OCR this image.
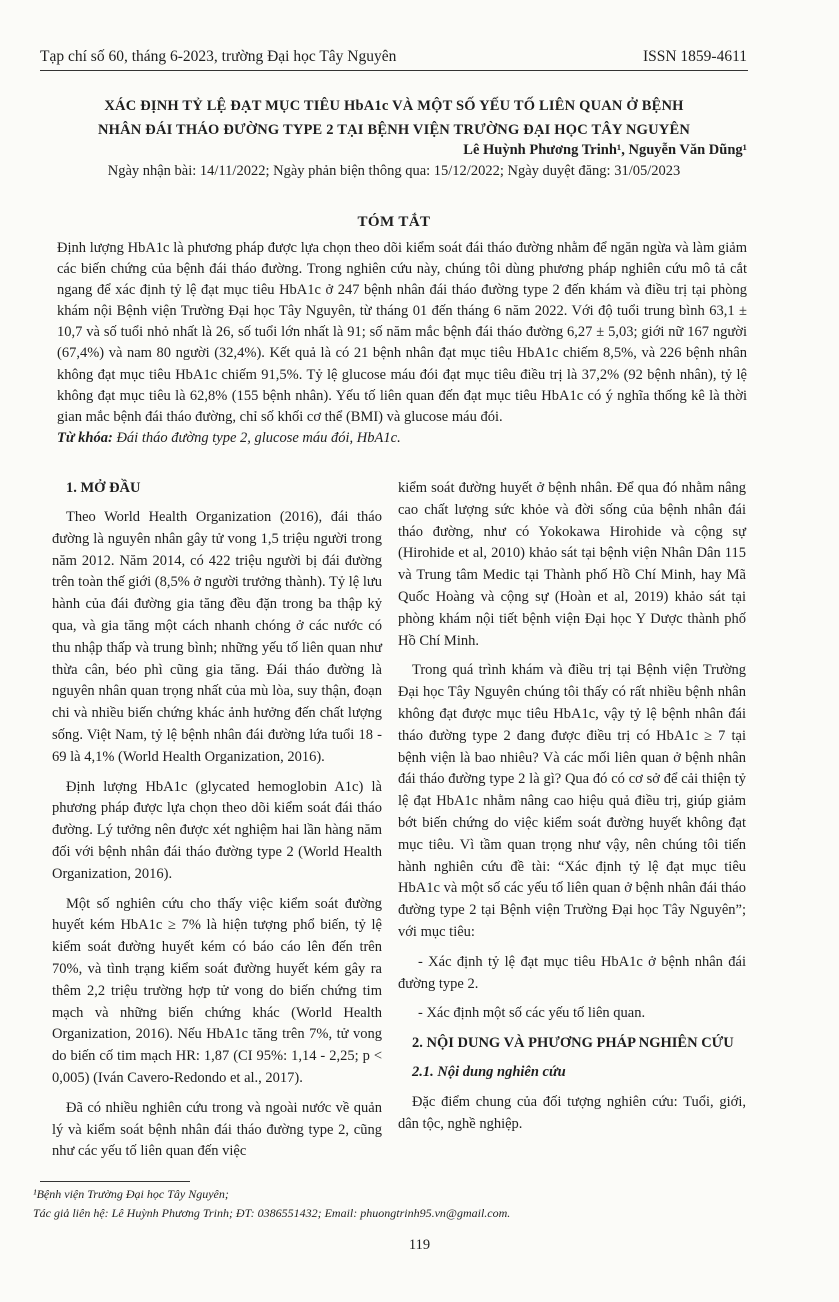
Tạp chí số 60, tháng 6-2023, trường Đại học Tây Nguyên	ISSN 1859-4611
XÁC ĐỊNH TỶ LỆ ĐẠT MỤC TIÊU HbA1c VÀ MỘT SỐ YẾU TỐ LIÊN QUAN Ở BỆNH
NHÂN ĐÁI THÁO ĐƯỜNG TYPE 2 TẠI BỆNH VIỆN TRƯỜNG ĐẠI HỌC TÂY NGUYÊN
Lê Huỳnh Phương Trinh¹, Nguyễn Văn Dũng¹
Ngày nhận bài: 14/11/2022; Ngày phản biện thông qua: 15/12/2022; Ngày duyệt đăng: 31/05/2023
TÓM TẮT

Định lượng HbA1c là phương pháp được lựa chọn theo dõi kiểm soát đái tháo đường nhằm để ngăn ngừa và làm giảm các biến chứng của bệnh đái tháo đường. Trong nghiên cứu này, chúng tôi dùng phương pháp nghiên cứu mô tả cắt ngang để xác định tỷ lệ đạt mục tiêu HbA1c ở 247 bệnh nhân đái tháo đường type 2 đến khám và điều trị tại phòng khám nội Bệnh viện Trường Đại học Tây Nguyên, từ tháng 01 đến tháng 6 năm 2022. Với độ tuổi trung bình 63,1 ± 10,7 và số tuổi nhỏ nhất là 26, số tuổi lớn nhất là 91; số năm mắc bệnh đái tháo đường 6,27 ± 5,03; giới nữ 167 người (67,4%) và nam 80 người (32,4%). Kết quả là có 21 bệnh nhân đạt mục tiêu HbA1c chiếm 8,5%, và 226 bệnh nhân không đạt mục tiêu HbA1c chiếm 91,5%. Tỷ lệ glucose máu đói đạt mục tiêu điều trị là 37,2% (92 bệnh nhân), tỷ lệ không đạt mục tiêu là 62,8% (155 bệnh nhân). Yếu tố liên quan đến đạt mục tiêu HbA1c có ý nghĩa thống kê là thời gian mắc bệnh đái tháo đường, chỉ số khối cơ thể (BMI) và glucose máu đói.

Từ khóa: Đái tháo đường type 2, glucose máu đói, HbA1c.

1. MỞ ĐẦU

Theo World Health Organization (2016), đái tháo đường là nguyên nhân gây tử vong 1,5 triệu người trong năm 2012. Năm 2014, có 422 triệu người bị đái đường trên toàn thế giới (8,5% ở người trưởng thành). Tỷ lệ lưu hành của đái đường gia tăng đều đặn trong ba thập kỷ qua, và gia tăng một cách nhanh chóng ở các nước có thu nhập thấp và trung bình; những yếu tố liên quan như thừa cân, béo phì cũng gia tăng. Đái tháo đường là nguyên nhân quan trọng nhất của mù lòa, suy thận, đoạn chi và nhiều biến chứng khác ảnh hưởng đến chất lượng sống. Việt Nam, tỷ lệ bệnh nhân đái đường lứa tuổi 18 - 69 là 4,1% (World Health Organization, 2016).

Định lượng HbA1c (glycated hemoglobin A1c) là phương pháp được lựa chọn theo dõi kiểm soát đái tháo đường. Lý tưởng nên được xét nghiệm hai lần hàng năm đối với bệnh nhân đái tháo đường type 2 (World Health Organization, 2016).

Một số nghiên cứu cho thấy việc kiểm soát đường huyết kém HbA1c ≥ 7% là hiện tượng phổ biến, tỷ lệ kiểm soát đường huyết kém có báo cáo lên đến trên 70%, và tình trạng kiểm soát đường huyết kém gây ra thêm 2,2 triệu trường hợp tử vong do biến chứng tim mạch và những biến chứng khác (World Health Organization, 2016). Nếu HbA1c tăng trên 7%, tử vong do biến cố tim mạch HR: 1,87 (CI 95%: 1,14 - 2,25; p < 0,005) (Iván Cavero-Redondo et al., 2017).

Đã có nhiều nghiên cứu trong và ngoài nước về quản lý và kiểm soát bệnh nhân đái tháo đường type 2, cũng như các yếu tố liên quan đến việc

kiểm soát đường huyết ở bệnh nhân. Để qua đó nhằm nâng cao chất lượng sức khỏe và đời sống của bệnh nhân đái tháo đường, như có Yokokawa Hirohide và cộng sự (Hirohide et al, 2010) khảo sát tại bệnh viện Nhân Dân 115 và Trung tâm Medic tại Thành phố Hồ Chí Minh, hay Mã Quốc Hoàng và cộng sự (Hoàn et al, 2019) khảo sát tại phòng khám nội tiết bệnh viện Đại học Y Dược thành phố Hồ Chí Minh.

Trong quá trình khám và điều trị tại Bệnh viện Trường Đại học Tây Nguyên chúng tôi thấy có rất nhiều bệnh nhân không đạt được mục tiêu HbA1c, vậy tỷ lệ bệnh nhân đái tháo đường type 2 đang được điều trị có HbA1c ≥ 7 tại bệnh viện là bao nhiêu? Và các mối liên quan ở bệnh nhân đái tháo đường type 2 là gì? Qua đó có cơ sở để cải thiện tỷ lệ đạt HbA1c nhằm nâng cao hiệu quả điều trị, giúp giảm bớt biến chứng do việc kiểm soát đường huyết không đạt mục tiêu. Vì tầm quan trọng như vậy, nên chúng tôi tiến hành nghiên cứu đề tài: “Xác định tỷ lệ đạt mục tiêu HbA1c và một số các yếu tố liên quan ở bệnh nhân đái tháo đường type 2 tại Bệnh viện Trường Đại học Tây Nguyên”; với mục tiêu:

- Xác định tỷ lệ đạt mục tiêu HbA1c ở bệnh nhân đái đường type 2.

- Xác định một số các yếu tố liên quan.

2. NỘI DUNG VÀ PHƯƠNG PHÁP NGHIÊN CỨU

2.1. Nội dung nghiên cứu

Đặc điểm chung của đối tượng nghiên cứu: Tuổi, giới, dân tộc, nghề nghiệp.

¹Bệnh viện Trường Đại học Tây Nguyên;

Tác giả liên hệ: Lê Huỳnh Phương Trinh; ĐT: 0386551432; Email: phuongtrinh95.vn@gmail.com.

119
